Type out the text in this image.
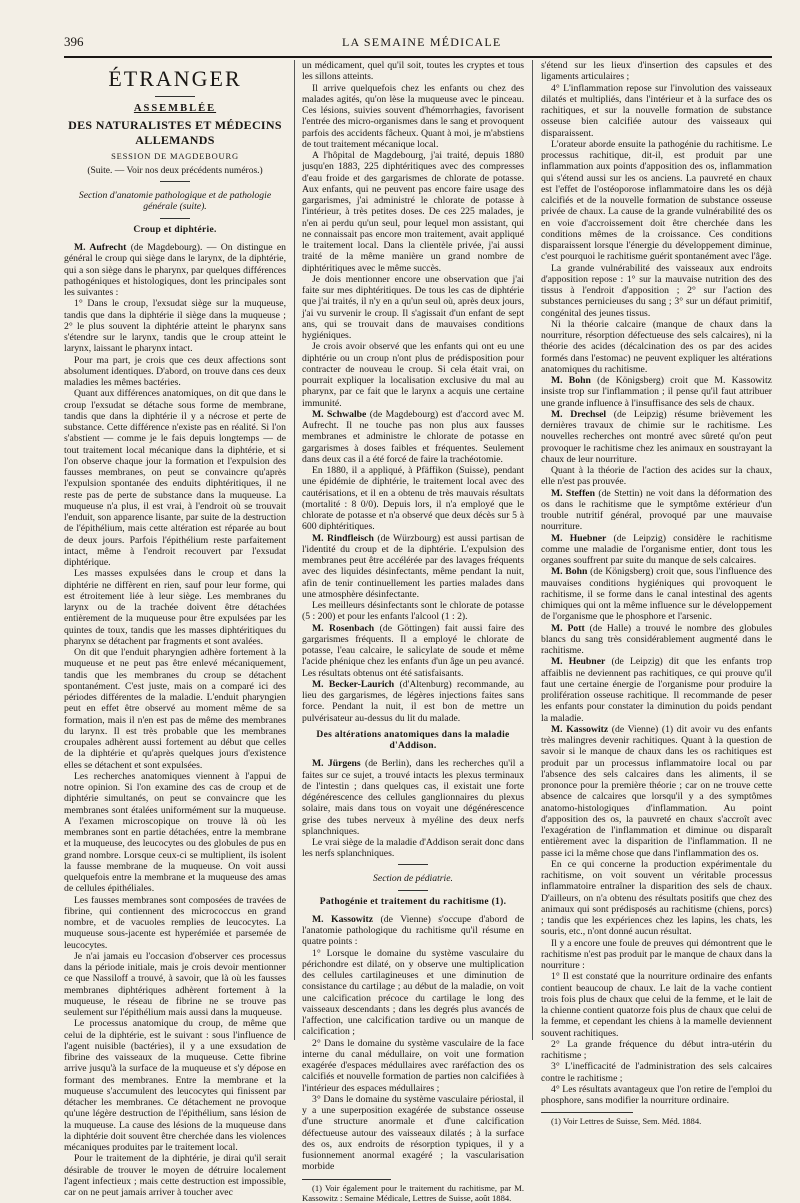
396	LA SEMAINE MÉDICALE
ÉTRANGER
ASSEMBLÉE
DES NATURALISTES ET MÉDECINS ALLEMANDS
SESSION DE MAGDEBOURG
(Suite. — Voir nos deux précédents numéros.)
Section d'anatomie pathologique et de pathologie générale (suite).
Croup et diphtérie.

M. Aufrecht (de Magdebourg). — On distingue en général le croup qui siège dans le larynx, de la diphtérie, qui a son siège dans le pharynx, par quelques différences pathogéniques et histologiques, dont les principales sont les suivantes :

1° Dans le croup, l'exsudat siège sur la muqueuse, tandis que dans la diphtérie il siège dans la muqueuse ; 2° le plus souvent la diphtérie atteint le pharynx sans s'étendre sur le larynx, tandis que le croup atteint le larynx, laissant le pharynx intact.

Pour ma part, je crois que ces deux affections sont absolument identiques. D'abord, on trouve dans ces deux maladies les mêmes bactéries.

Quant aux différences anatomiques, on dit que dans le croup l'exsudat se détache sous forme de membrane, tandis que dans la diphtérie il y a nécrose et perte de substance. Cette différence n'existe pas en réalité. Si l'on s'abstient — comme je le fais depuis longtemps — de tout traitement local mécanique dans la diphtérie, et si l'on observe chaque jour la formation et l'expulsion des fausses membranes, on peut se convaincre qu'après l'expulsion spontanée des enduits diphtéritiques, il ne reste pas de perte de substance dans la muqueuse. La muqueuse n'a plus, il est vrai, à l'endroit où se trouvait l'enduit, son apparence lisante, par suite de la destruction de l'épithélium, mais cette altération est réparée au bout de deux jours. Parfois l'épithélium reste parfaitement intact, même à l'endroit recouvert par l'exsudat diphtérique.

Les masses expulsées dans le croup et dans la diphtérie ne diffèrent en rien, sauf pour leur forme, qui est étroitement liée à leur siège. Les membranes du larynx ou de la trachée doivent être détachées entièrement de la muqueuse pour être expulsées par les quintes de toux, tandis que les masses diphtéritiques du pharynx se détachent par fragments et sont avalées.

On dit que l'enduit pharyngien adhère fortement à la muqueuse et ne peut pas être enlevé mécaniquement, tandis que les membranes du croup se détachent spontanément. C'est juste, mais on a comparé ici des périodes différentes de la maladie. L'enduit pharyngien peut en effet être observé au moment même de sa formation, mais il n'en est pas de même des membranes du larynx. Il est très probable que les membranes croupales adhèrent aussi fortement au début que celles de la diphtérie et qu'après quelques jours d'existence elles se détachent et sont expulsées.

Les recherches anatomiques viennent à l'appui de notre opinion. Si l'on examine des cas de croup et de diphtérie simultanés, on peut se convaincre que les membranes sont étalées uniformément sur la muqueuse. A l'examen microscopique on trouve là où les membranes sont en partie détachées, entre la membrane et la muqueuse, des leucocytes ou des globules de pus en grand nombre. Lorsque ceux-ci se multiplient, ils isolent la fausse membrane de la muqueuse. On voit aussi quelquefois entre la membrane et la muqueuse des amas de cellules épithéliales.

Les fausses membranes sont composées de travées de fibrine, qui contiennent des micrococcus en grand nombre, et de vacuoles remplies de leucocytes. La muqueuse sous-jacente est hyperémiée et parsemée de leucocytes.

Je n'ai jamais eu l'occasion d'observer ces processus dans la période initiale, mais je crois devoir mentionner ce que Nassiloff a trouvé, à savoir, que là où les fausses membranes diphtériques adhèrent fortement à la muqueuse, le réseau de fibrine ne se trouve pas seulement sur l'épithélium mais aussi dans la muqueuse.

Le processus anatomique du croup, de même que celui de la diphtérie, est le suivant : sous l'influence de l'agent nuisible (bactéries), il y a une exsudation de fibrine des vaisseaux de la muqueuse. Cette fibrine arrive jusqu'à la surface de la muqueuse et s'y dépose en formant des membranes. Entre la membrane et la muqueuse s'accumulent des leucocytes qui finissent par détacher les membranes. Ce détachement ne provoque qu'une légère destruction de l'épithélium, sans lésion de la muqueuse. La cause des lésions de la muqueuse dans la diphtérie doit souvent être cherchée dans les violences mécaniques produites par le traitement local.

Pour le traitement de la diphtérie, je dirai qu'il serait désirable de trouver le moyen de détruire localement l'agent infectieux ; mais cette destruction est impossible, car on ne peut jamais arriver à toucher avec

un médicament, quel qu'il soit, toutes les cryptes et tous les sillons atteints.

Il arrive quelquefois chez les enfants ou chez des malades agités, qu'on lèse la muqueuse avec le pinceau. Ces lésions, suivies souvent d'hémorrhagies, favorisent l'entrée des micro-organismes dans le sang et provoquent parfois des accidents fâcheux. Quant à moi, je m'abstiens de tout traitement mécanique local.

A l'hôpital de Magdebourg, j'ai traité, depuis 1880 jusqu'en 1883, 225 diphtéritiques avec des compresses d'eau froide et des gargarismes de chlorate de potasse. Aux enfants, qui ne peuvent pas encore faire usage des gargarismes, j'ai administré le chlorate de potasse à l'intérieur, à très petites doses. De ces 225 malades, je n'en ai perdu qu'un seul, pour lequel mon assistant, qui ne connaissait pas encore mon traitement, avait appliqué le traitement local. Dans la clientèle privée, j'ai aussi traité de la même manière un grand nombre de diphtéritiques avec le même succès.

Je dois mentionner encore une observation que j'ai faite sur mes diphtéritiques. De tous les cas de diphtérie que j'ai traités, il n'y en a qu'un seul où, après deux jours, j'ai vu survenir le croup. Il s'agissait d'un enfant de sept ans, qui se trouvait dans de mauvaises conditions hygiéniques.

Je crois avoir observé que les enfants qui ont eu une diphtérie ou un croup n'ont plus de prédisposition pour contracter de nouveau le croup. Si cela était vrai, on pourrait expliquer la localisation exclusive du mal au pharynx, par ce fait que le larynx a acquis une certaine immunité.

M. Schwalbe (de Magdebourg) est d'accord avec M. Aufrecht. Il ne touche pas non plus aux fausses membranes et administre le chlorate de potasse en gargarismes à doses faibles et fréquentes. Seulement dans deux cas il a été forcé de faire la trachéotomie.

En 1880, il a appliqué, à Pfäffikon (Suisse), pendant une épidémie de diphtérie, le traitement local avec des cautérisations, et il en a obtenu de très mauvais résultats (mortalité : 8 0/0). Depuis lors, il n'a employé que le chlorate de potasse et n'a observé que deux décès sur 5 à 600 diphtéritiques.

M. Rindfleisch (de Würzbourg) est aussi partisan de l'identité du croup et de la diphtérie. L'expulsion des membranes peut être accélérée par des lavages fréquents avec des liquides désinfectants, même pendant la nuit, afin de tenir continuellement les parties malades dans une atmosphère désinfectante.

Les meilleurs désinfectants sont le chlorate de potasse (5 : 200) et pour les enfants l'alcool (1 : 2).

M. Rosenbach (de Göttingen) fait aussi faire des gargarismes fréquents. Il a employé le chlorate de potasse, l'eau calcaire, le salicylate de soude et même l'acide phénique chez les enfants d'un âge un peu avancé. Les résultats obtenus ont été satisfaisants.

M. Becker-Laurich (d'Altenburg) recommande, au lieu des gargarismes, de légères injections faites sans force. Pendant la nuit, il est bon de mettre un pulvérisateur au-dessus du lit du malade.

Des altérations anatomiques dans la maladie d'Addison.

M. Jürgens (de Berlin), dans les recherches qu'il a faites sur ce sujet, a trouvé intacts les plexus terminaux de l'intestin ; dans quelques cas, il existait une forte dégénérescence des cellules ganglionnaires du plexus solaire, mais dans tous on voyait une dégénérescence grise des tubes nerveux à myéline des deux nerfs splanchniques.

Le vrai siège de la maladie d'Addison serait donc dans les nerfs splanchniques.

Section de pédiatrie.
Pathogénie et traitement du rachitisme (1).

M. Kassowitz (de Vienne) s'occupe d'abord de l'anatomie pathologique du rachitisme qu'il résume en quatre points :

1° Lorsque le domaine du système vasculaire du périchondre est dilaté, on y observe une multiplication des cellules cartilagineuses et une diminution de consistance du cartilage ; au début de la maladie, on voit une calcification précoce du cartilage le long des vaisseaux descendants ; dans les degrés plus avancés de l'affection, une calcification tardive ou un manque de calcification ;

2° Dans le domaine du système vasculaire de la face interne du canal médullaire, on voit une formation exagérée d'espaces médullaires avec raréfaction des os calcifiés et nouvelle formation de parties non calcifiées à l'intérieur des espaces médullaires ;

3° Dans le domaine du système vasculaire périostal, il y a une superposition exagérée de substance osseuse d'une structure anormale et d'une calcification défectueuse autour des vaisseaux dilatés ; à la surface des os, aux endroits de résorption typiques, il y a fusionnement anormal exagéré ; la vascularisation morbide

(1) Voir également pour le traitement du rachitisme, par M. Kassowitz : Semaine Médicale, Lettres de Suisse, août 1884.

s'étend sur les lieux d'insertion des capsules et des ligaments articulaires ;

4° L'inflammation repose sur l'involution des vaisseaux dilatés et multipliés, dans l'intérieur et à la surface des os rachitiques, et sur la nouvelle formation de substance osseuse bien calcifiée autour des vaisseaux qui disparaissent.

L'orateur aborde ensuite la pathogénie du rachitisme. Le processus rachitique, dit-il, est produit par une inflammation aux points d'apposition des os, inflammation qui s'étend aussi sur les os anciens. La pauvreté en chaux est l'effet de l'ostéoporose inflammatoire dans les os déjà calcifiés et de la nouvelle formation de substance osseuse privée de chaux. La cause de la grande vulnérabilité des os en voie d'accroissement doit être cherchée dans les conditions mêmes de la croissance. Ces conditions disparaissent lorsque l'énergie du développement diminue, c'est pourquoi le rachitisme guérit spontanément avec l'âge.

La grande vulnérabilité des vaisseaux aux endroits d'apposition repose : 1° sur la mauvaise nutrition des des tissus à l'endroit d'apposition ; 2° sur l'action des substances pernicieuses du sang ; 3° sur un défaut primitif, congénital des jeunes tissus.

Ni la théorie calcaire (manque de chaux dans la nourriture, résorption défectueuse des sels calcaires), ni la théorie des acides (décalcination des os par des acides formés dans l'estomac) ne peuvent expliquer les altérations anatomiques du rachitisme.

M. Bohn (de Königsberg) croit que M. Kassowitz insiste trop sur l'inflammation ; il pense qu'il faut attribuer une grande influence à l'insuffisance des sels de chaux.

M. Drechsel (de Leipzig) résume brièvement les dernières travaux de chimie sur le rachitisme. Les nouvelles recherches ont montré avec sûreté qu'on peut provoquer le rachitisme chez les animaux en soustrayant la chaux de leur nourriture.

Quant à la théorie de l'action des acides sur la chaux, elle n'est pas prouvée.

M. Steffen (de Stettin) ne voit dans la déformation des os dans le rachitisme que le symptôme extérieur d'un trouble nutritif général, provoqué par une mauvaise nourriture.

M. Huebner (de Leipzig) considère le rachitisme comme une maladie de l'organisme entier, dont tous les organes souffrent par suite du manque de sels calcaires.

M. Bohn (de Königsberg) croit que, sous l'influence des mauvaises conditions hygiéniques qui provoquent le rachitisme, il se forme dans le canal intestinal des agents chimiques qui ont la même influence sur le développement de l'organisme que le phosphore et l'arsenic.

M. Pott (de Halle) a trouvé le nombre des globules blancs du sang très considérablement augmenté dans le rachitisme.

M. Heubner (de Leipzig) dit que les enfants trop affaiblis ne deviennent pas rachitiques, ce qui prouve qu'il faut une certaine énergie de l'organisme pour produire la prolifération osseuse rachitique. Il recommande de peser les enfants pour constater la diminution du poids pendant la maladie.

M. Kassowitz (de Vienne) (1) dit avoir vu des enfants très malingres devenir rachitiques. Quant à la question de savoir si le manque de chaux dans les os rachitiques est produit par un processus inflammatoire local ou par l'absence des sels calcaires dans les aliments, il se prononce pour la première théorie ; car on ne trouve cette absence de calcaires que lorsqu'il y a des symptômes anatomo-histologiques d'inflammation. Au point d'apposition des os, la pauvreté en chaux s'accroît avec l'exagération de l'inflammation et diminue ou disparaît entièrement avec la disparition de l'inflammation. Il ne passe ici la même chose que dans l'inflammation des os.

En ce qui concerne la production expérimentale du rachitisme, on voit souvent un véritable processus inflammatoire entraîner la disparition des sels de chaux. D'ailleurs, on n'a obtenu des résultats positifs que chez des animaux qui sont prédisposés au rachitisme (chiens, porcs) ; tandis que les expériences chez les lapins, les chats, les souris, etc., n'ont donné aucun résultat.

Il y a encore une foule de preuves qui démontrent que le rachitisme n'est pas produit par le manque de chaux dans la nourriture :

1° Il est constaté que la nourriture ordinaire des enfants contient beaucoup de chaux. Le lait de la vache contient trois fois plus de chaux que celui de la femme, et le lait de la chienne contient quatorze fois plus de chaux que celui de la femme, et cependant les chiens à la mamelle deviennent souvent rachitiques.

2° La grande fréquence du début intra-utérin du rachitisme ;

3° L'inefficacité de l'administration des sels calcaires contre le rachitisme ;

4° Les résultats avantageux que l'on retire de l'emploi du phosphore, sans modifier la nourriture ordinaire.

(1) Voir Lettres de Suisse, Sem. Méd. 1884.
